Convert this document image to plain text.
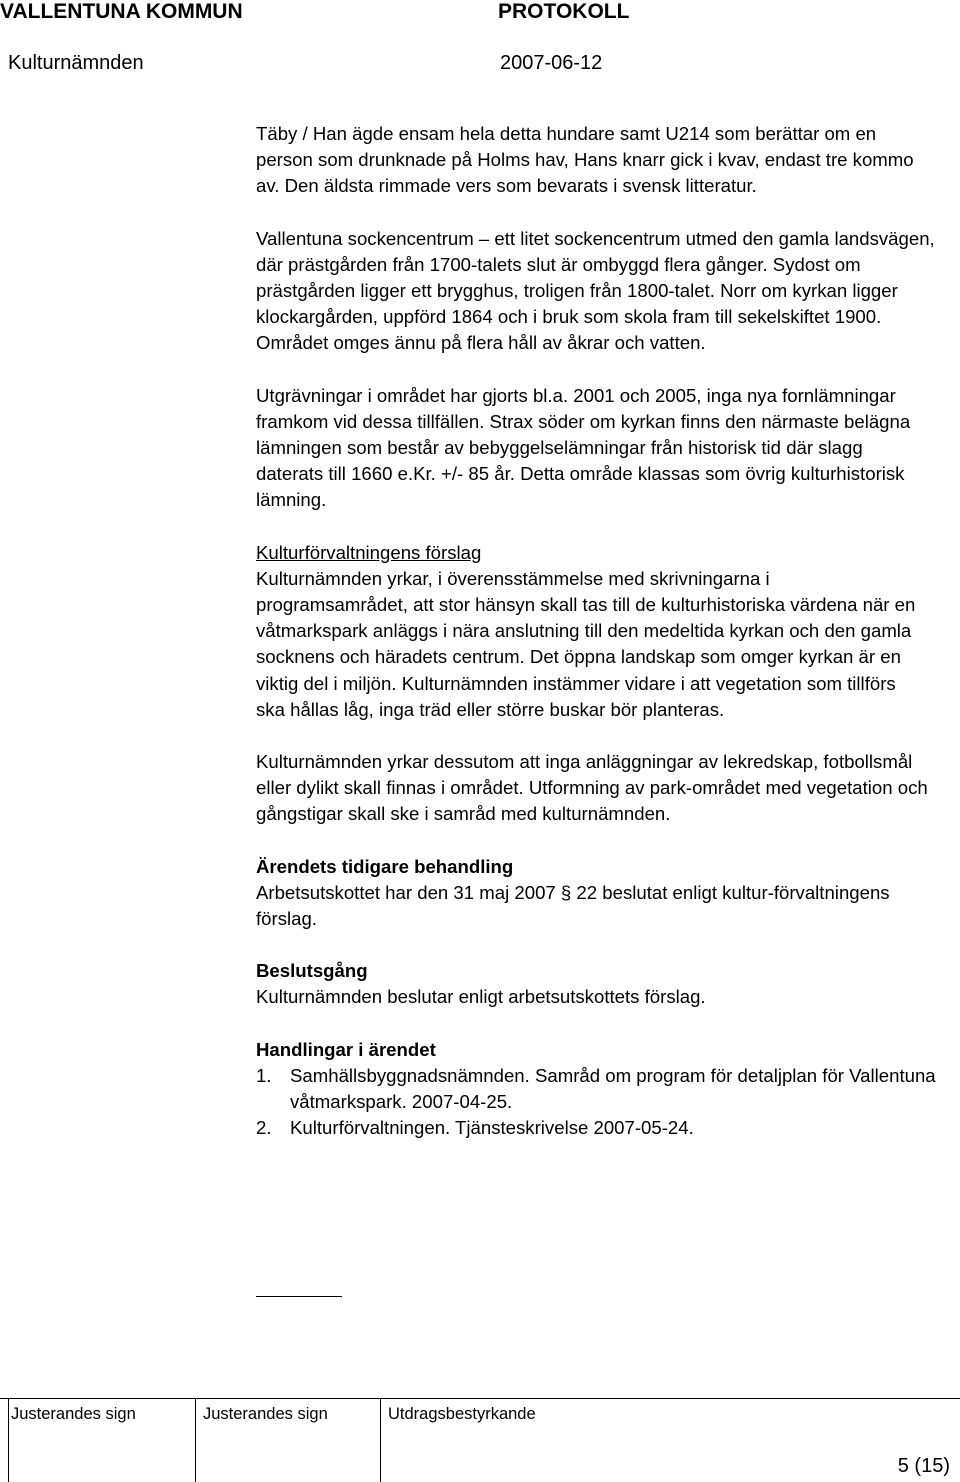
VALLENTUNA KOMMUN	PROTOKOLL
Kulturnämnden	2007-06-12

Täby / Han ägde ensam hela detta hundare samt U214 som berättar om en person som drunknade på Holms hav, Hans knarr gick i kvav, endast tre kommo av. Den äldsta rimmade vers som bevarats i svensk litteratur.

Vallentuna sockencentrum – ett litet sockencentrum utmed den gamla landsvägen, där prästgården från 1700-talets slut är ombyggd flera gånger. Sydost om prästgården ligger ett brygghus, troligen från 1800-talet. Norr om kyrkan ligger klockargården, uppförd 1864 och i bruk som skola fram till sekelskiftet 1900. Området omges ännu på flera håll av åkrar och vatten.

Utgrävningar i området har gjorts bl.a. 2001 och 2005, inga nya fornlämningar framkom vid dessa tillfällen. Strax söder om kyrkan finns den närmaste belägna lämningen som består av bebyggelselämningar från historisk tid där slagg daterats till 1660 e.Kr. +/- 85 år. Detta område klassas som övrig kulturhistorisk lämning.

Kulturförvaltningens förslag

Kulturnämnden yrkar, i överensstämmelse med skrivningarna i programsamrådet, att stor hänsyn skall tas till de kulturhistoriska värdena när en våtmarkspark anläggs i nära anslutning till den medeltida kyrkan och den gamla socknens och häradets centrum. Det öppna landskap som omger kyrkan är en viktig del i miljön. Kulturnämnden instämmer vidare i att vegetation som tillförs ska hållas låg, inga träd eller större buskar bör planteras.

Kulturnämnden yrkar dessutom att inga anläggningar av lekredskap, fotbollsmål eller dylikt skall finnas i området. Utformning av park-området med vegetation och gångstigar skall ske i samråd med kulturnämnden.

Ärendets tidigare behandling

Arbetsutskottet har den 31 maj 2007 § 22 beslutat enligt kultur-förvaltningens förslag.

Beslutsgång

Kulturnämnden beslutar enligt arbetsutskottets förslag.

Handlingar i ärendet

1. Samhällsbyggnadsnämnden. Samråd om program för detaljplan för Vallentuna våtmarkspark. 2007-04-25.
2. Kulturförvaltningen. Tjänsteskrivelse 2007-05-24.
Justerandes sign	Justerandes sign	Utdragsbestyrkande
5 (15)
